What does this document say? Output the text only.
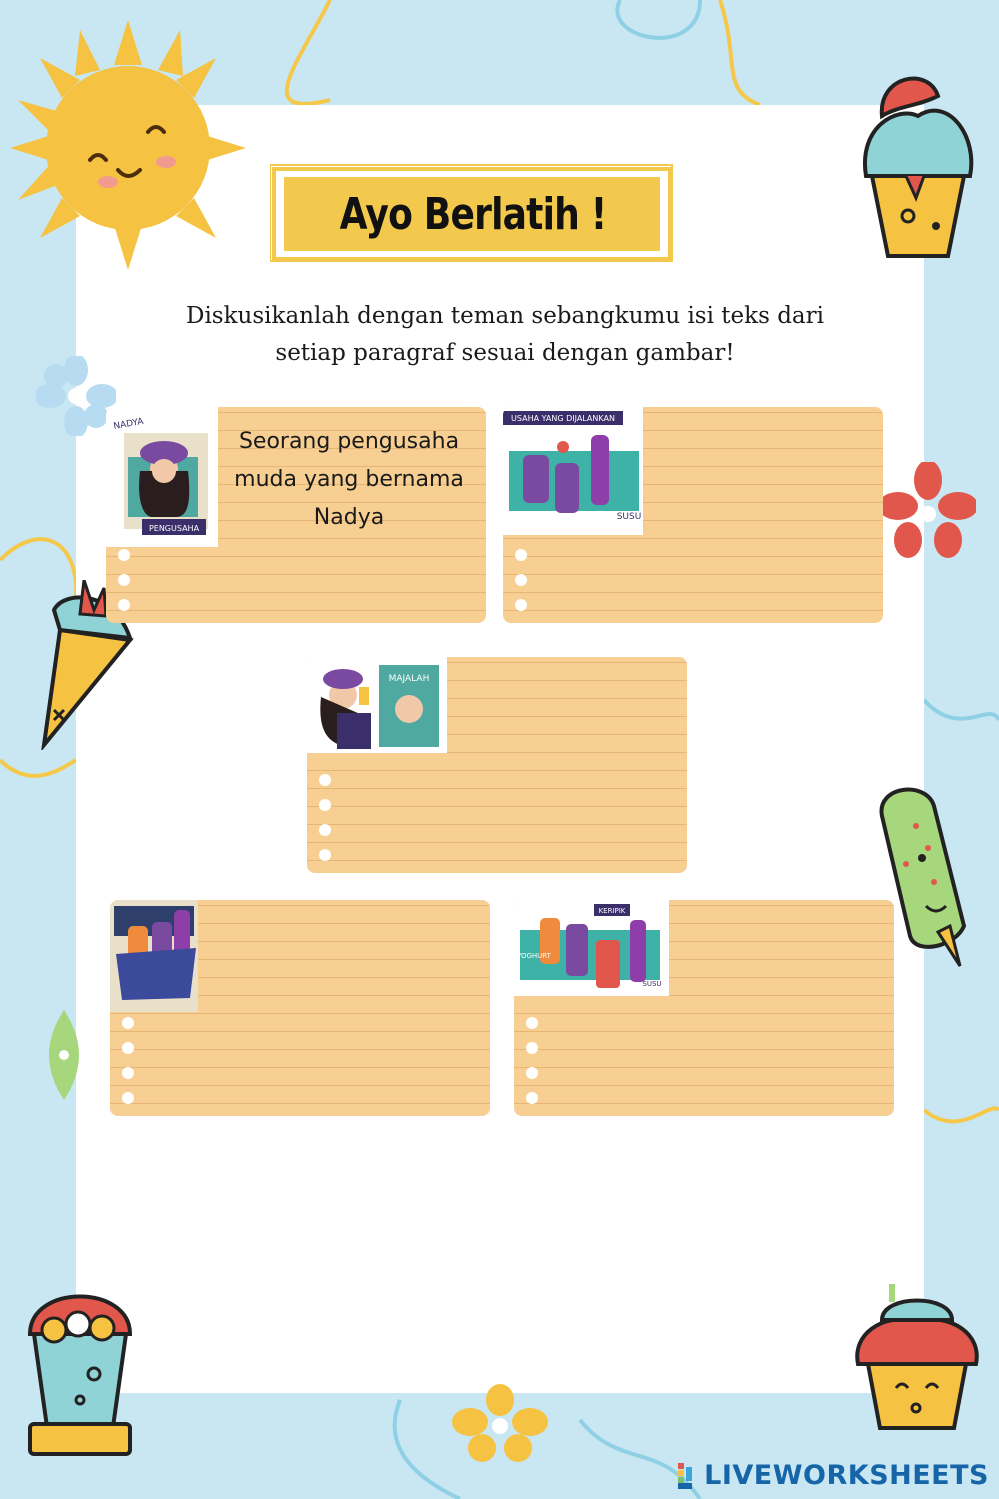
Ayo Berlatih !
Diskusikanlah dengan teman sebangkumu isi teks dari
setiap paragraf sesuai dengan gambar!
PENGUSAHA
NADYA
Seorang pengusaha
muda yang bernama
Nadya
USAHA YANG DIJALANKAN
SUSU
MAJALAH
KERIPIK
YOGHURT
SUSU
LIVEWORKSHEETS
